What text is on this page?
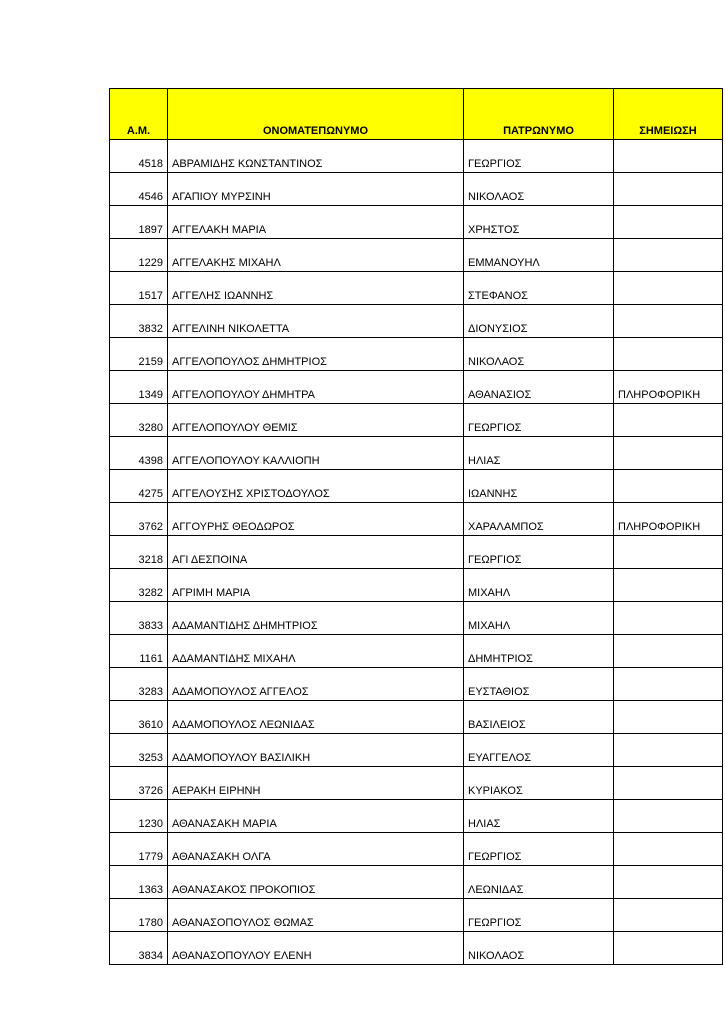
Α.Μ.	ΟΝΟΜΑΤΕΠΩΝΥΜΟ	ΠΑΤΡΩΝΥΜΟ	ΣΗΜΕΙΩΣΗ
4518	ΑΒΡΑΜΙΔΗΣ ΚΩΝΣΤΑΝΤΙΝΟΣ	ΓΕΩΡΓΙΟΣ	
4546	ΑΓΑΠΙΟΥ ΜΥΡΣΙΝΗ	ΝΙΚΟΛΑΟΣ	
1897	ΑΓΓΕΛΑΚΗ ΜΑΡΙΑ	ΧΡΗΣΤΟΣ	
1229	ΑΓΓΕΛΑΚΗΣ ΜΙΧΑΗΛ	ΕΜΜΑΝΟΥΗΛ	
1517	ΑΓΓΕΛΗΣ ΙΩΑΝΝΗΣ	ΣΤΕΦΑΝΟΣ	
3832	ΑΓΓΕΛΙΝΗ ΝΙΚΟΛΕΤΤΑ	ΔΙΟΝΥΣΙΟΣ	
2159	ΑΓΓΕΛΟΠΟΥΛΟΣ ΔΗΜΗΤΡΙΟΣ	ΝΙΚΟΛΑΟΣ	
1349	ΑΓΓΕΛΟΠΟΥΛΟΥ ΔΗΜΗΤΡΑ	ΑΘΑΝΑΣΙΟΣ	ΠΛΗΡΟΦΟΡΙΚΗ
3280	ΑΓΓΕΛΟΠΟΥΛΟΥ ΘΕΜΙΣ	ΓΕΩΡΓΙΟΣ	
4398	ΑΓΓΕΛΟΠΟΥΛΟΥ ΚΑΛΛΙΟΠΗ	ΗΛΙΑΣ	
4275	ΑΓΓΕΛΟΥΣΗΣ ΧΡΙΣΤΟΔΟΥΛΟΣ	ΙΩΑΝΝΗΣ	
3762	ΑΓΓΟΥΡΗΣ ΘΕΟΔΩΡΟΣ	ΧΑΡΑΛΑΜΠΟΣ	ΠΛΗΡΟΦΟΡΙΚΗ
3218	ΑΓΙ ΔΕΣΠΟΙΝΑ	ΓΕΩΡΓΙΟΣ	
3282	ΑΓΡΙΜΗ ΜΑΡΙΑ	ΜΙΧΑΗΛ	
3833	ΑΔΑΜΑΝΤΙΔΗΣ ΔΗΜΗΤΡΙΟΣ	ΜΙΧΑΗΛ	
1161	ΑΔΑΜΑΝΤΙΔΗΣ ΜΙΧΑΗΛ	ΔΗΜΗΤΡΙΟΣ	
3283	ΑΔΑΜΟΠΟΥΛΟΣ ΑΓΓΕΛΟΣ	ΕΥΣΤΑΘΙΟΣ	
3610	ΑΔΑΜΟΠΟΥΛΟΣ ΛΕΩΝΙΔΑΣ	ΒΑΣΙΛΕΙΟΣ	
3253	ΑΔΑΜΟΠΟΥΛΟΥ ΒΑΣΙΛΙΚΗ	ΕΥΑΓΓΕΛΟΣ	
3726	ΑΕΡΑΚΗ ΕΙΡΗΝΗ	ΚΥΡΙΑΚΟΣ	
1230	ΑΘΑΝΑΣΑΚΗ ΜΑΡΙΑ	ΗΛΙΑΣ	
1779	ΑΘΑΝΑΣΑΚΗ ΟΛΓΑ	ΓΕΩΡΓΙΟΣ	
1363	ΑΘΑΝΑΣΑΚΟΣ ΠΡΟΚΟΠΙΟΣ	ΛΕΩΝΙΔΑΣ	
1780	ΑΘΑΝΑΣΟΠΟΥΛΟΣ ΘΩΜΑΣ	ΓΕΩΡΓΙΟΣ	
3834	ΑΘΑΝΑΣΟΠΟΥΛΟΥ ΕΛΕΝΗ	ΝΙΚΟΛΑΟΣ	
